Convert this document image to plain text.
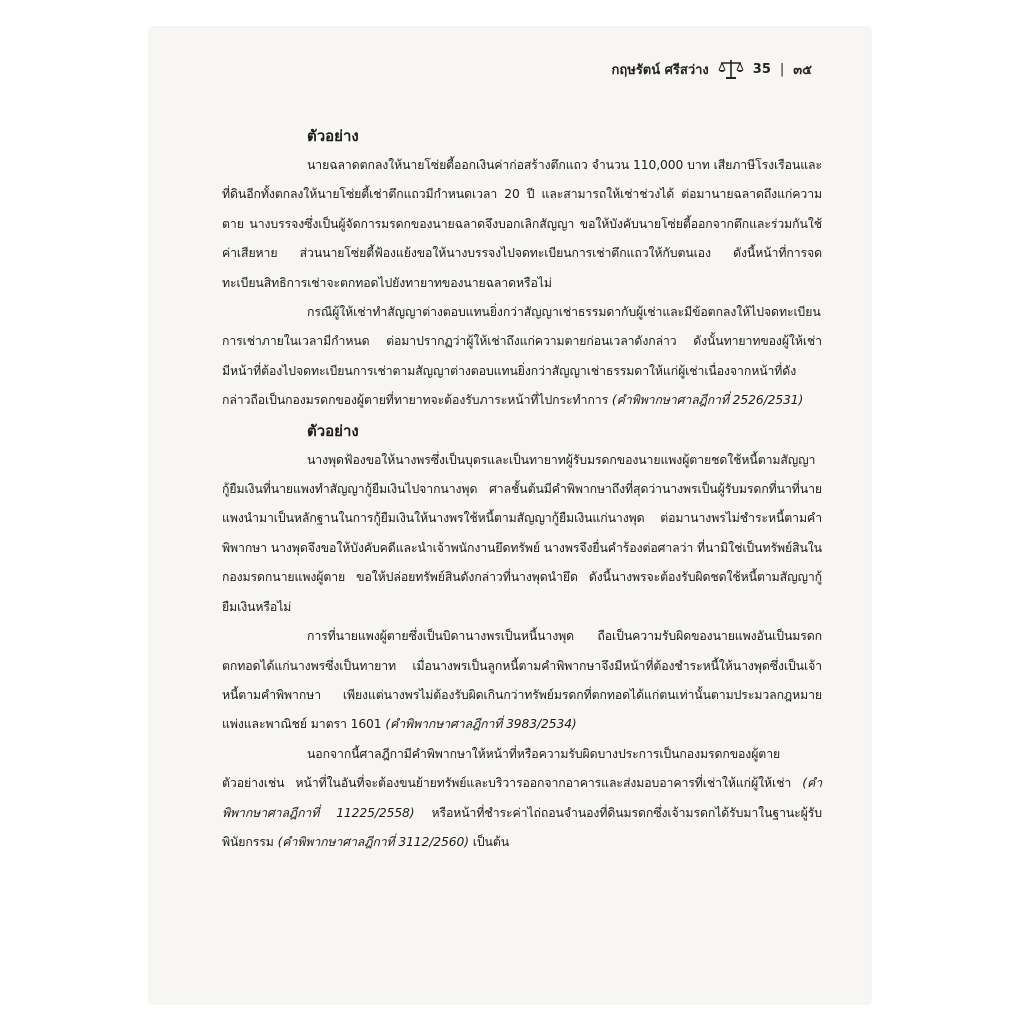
กฤษรัตน์ ศรีสว่าง	35 | ๓๕
ตัวอย่าง

นายฉลาดตกลงให้นายโซ่ยตี้ออกเงินค่าก่อสร้างตึกแถว จำนวน 110,000 บาท เสียภาษีโรงเรือนและที่ดินอีกทั้งตกลงให้นายโซ่ยตี้เช่าตึกแถวมีกำหนดเวลา 20 ปี และสามารถให้เช่าช่วงได้ ต่อมานายฉลาดถึงแก่ความตาย นางบรรจงซึ่งเป็นผู้จัดการมรดกของนายฉลาดจึงบอกเลิกสัญญา ขอให้บังคับนายโซ่ยตี้ออกจากตึกและร่วมกันใช้ค่าเสียหาย ส่วนนายโซ่ยตี้ฟ้องแย้งขอให้นางบรรจงไปจดทะเบียนการเช่าตึกแถวให้กับตนเอง ดังนี้หน้าที่การจดทะเบียนสิทธิการเช่าจะตกทอดไปยังทายาทของนายฉลาดหรือไม่

กรณีผู้ให้เช่าทำสัญญาต่างตอบแทนยิ่งกว่าสัญญาเช่าธรรมดากับผู้เช่าและมีข้อตกลงให้ไปจดทะเบียนการเช่าภายในเวลามีกำหนด ต่อมาปรากฏว่าผู้ให้เช่าถึงแก่ความตายก่อนเวลาดังกล่าว ดังนั้นทายาทของผู้ให้เช่ามีหน้าที่ต้องไปจดทะเบียนการเช่าตามสัญญาต่างตอบแทนยิ่งกว่าสัญญาเช่าธรรมดาให้แก่ผู้เช่าเนื่องจากหน้าที่ดังกล่าวถือเป็นกองมรดกของผู้ตายที่ทายาทจะต้องรับภาระหน้าที่ไปกระทำการ (คำพิพากษาศาลฎีกาที่ 2526/2531)

ตัวอย่าง

นางพุดฟ้องขอให้นางพรซึ่งเป็นบุตรและเป็นทายาทผู้รับมรดกของนายแพงผู้ตายชดใช้หนี้ตามสัญญากู้ยืมเงินที่นายแพงทำสัญญากู้ยืมเงินไปจากนางพุด ศาลชั้นต้นมีคำพิพากษาถึงที่สุดว่านางพรเป็นผู้รับมรดกที่นาที่นายแพงนำมาเป็นหลักฐานในการกู้ยืมเงินให้นางพรใช้หนี้ตามสัญญากู้ยืมเงินแก่นางพุด ต่อมานางพรไม่ชำระหนี้ตามคำพิพากษา นางพุดจึงขอให้บังคับคดีและนำเจ้าพนักงานยึดทรัพย์ นางพรจึงยื่นคำร้องต่อศาลว่า ที่นามิใช่เป็นทรัพย์สินในกองมรดกนายแพงผู้ตาย ขอให้ปล่อยทรัพย์สินดังกล่าวที่นางพุดนำยึด ดังนี้นางพรจะต้องรับผิดชดใช้หนี้ตามสัญญากู้ยืมเงินหรือไม่

การที่นายแพงผู้ตายซึ่งเป็นบิดานางพรเป็นหนี้นางพุด ถือเป็นความรับผิดของนายแพงอันเป็นมรดกตกทอดได้แก่นางพรซึ่งเป็นทายาท เมื่อนางพรเป็นลูกหนี้ตามคำพิพากษาจึงมีหน้าที่ต้องชำระหนี้ให้นางพุดซึ่งเป็นเจ้าหนี้ตามคำพิพากษา เพียงแต่นางพรไม่ต้องรับผิดเกินกว่าทรัพย์มรดกที่ตกทอดได้แก่ตนเท่านั้นตามประมวลกฎหมายแพ่งและพาณิชย์ มาตรา 1601 (คำพิพากษาศาลฎีกาที่ 3983/2534)

นอกจากนี้ศาลฎีกามีคำพิพากษาให้หน้าที่หรือความรับผิดบางประการเป็นกองมรดกของผู้ตาย ตัวอย่างเช่น หน้าที่ในอันที่จะต้องขนย้ายทรัพย์และบริวารออกจากอาคารและส่งมอบอาคารที่เช่าให้แก่ผู้ให้เช่า (คำพิพากษาศาลฎีกาที่ 11225/2558) หรือหน้าที่ชำระค่าไถ่ถอนจำนองที่ดินมรดกซึ่งเจ้ามรดกได้รับมาในฐานะผู้รับพินัยกรรม (คำพิพากษาศาลฎีกาที่ 3112/2560) เป็นต้น
